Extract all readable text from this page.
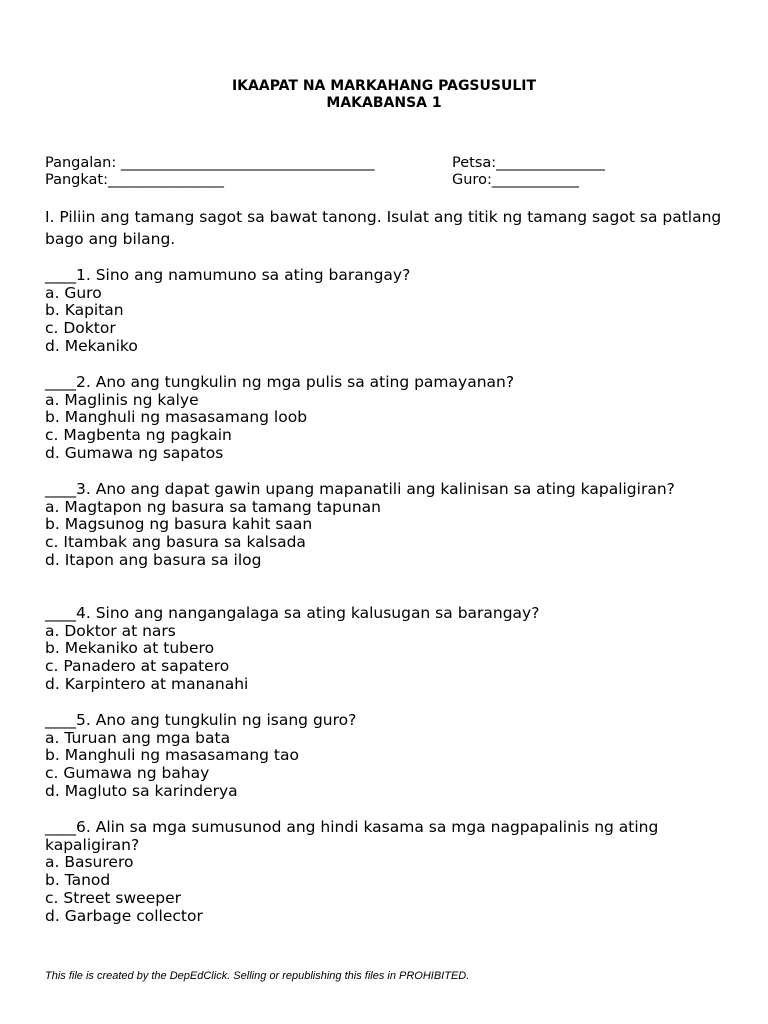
IKAAPAT NA MARKAHANG PAGSUSULIT
MAKABANSA 1
Pangalan: ___________________________________	Petsa:_______________
Pangkat:________________	Guro:____________

I. Piliin ang tamang sagot sa bawat tanong. Isulat ang titik ng tamang sagot sa patlang bago ang bilang.

____1. Sino ang namumuno sa ating barangay?
a. Guro
b. Kapitan
c. Doktor
d. Mekaniko
____2. Ano ang tungkulin ng mga pulis sa ating pamayanan?
a. Maglinis ng kalye
b. Manghuli ng masasamang loob
c. Magbenta ng pagkain
d. Gumawa ng sapatos
____3. Ano ang dapat gawin upang mapanatili ang kalinisan sa ating kapaligiran?
a. Magtapon ng basura sa tamang tapunan
b. Magsunog ng basura kahit saan
c. Itambak ang basura sa kalsada
d. Itapon ang basura sa ilog
____4. Sino ang nangangalaga sa ating kalusugan sa barangay?
a. Doktor at nars
b. Mekaniko at tubero
c. Panadero at sapatero
d. Karpintero at mananahi
____5. Ano ang tungkulin ng isang guro?
a. Turuan ang mga bata
b. Manghuli ng masasamang tao
c. Gumawa ng bahay
d. Magluto sa karinderya
____6. Alin sa mga sumusunod ang hindi kasama sa mga nagpapalinis ng ating kapaligiran?
a. Basurero
b. Tanod
c. Street sweeper
d. Garbage collector
This file is created by the DepEdClick. Selling or republishing this files in PROHIBITED.
